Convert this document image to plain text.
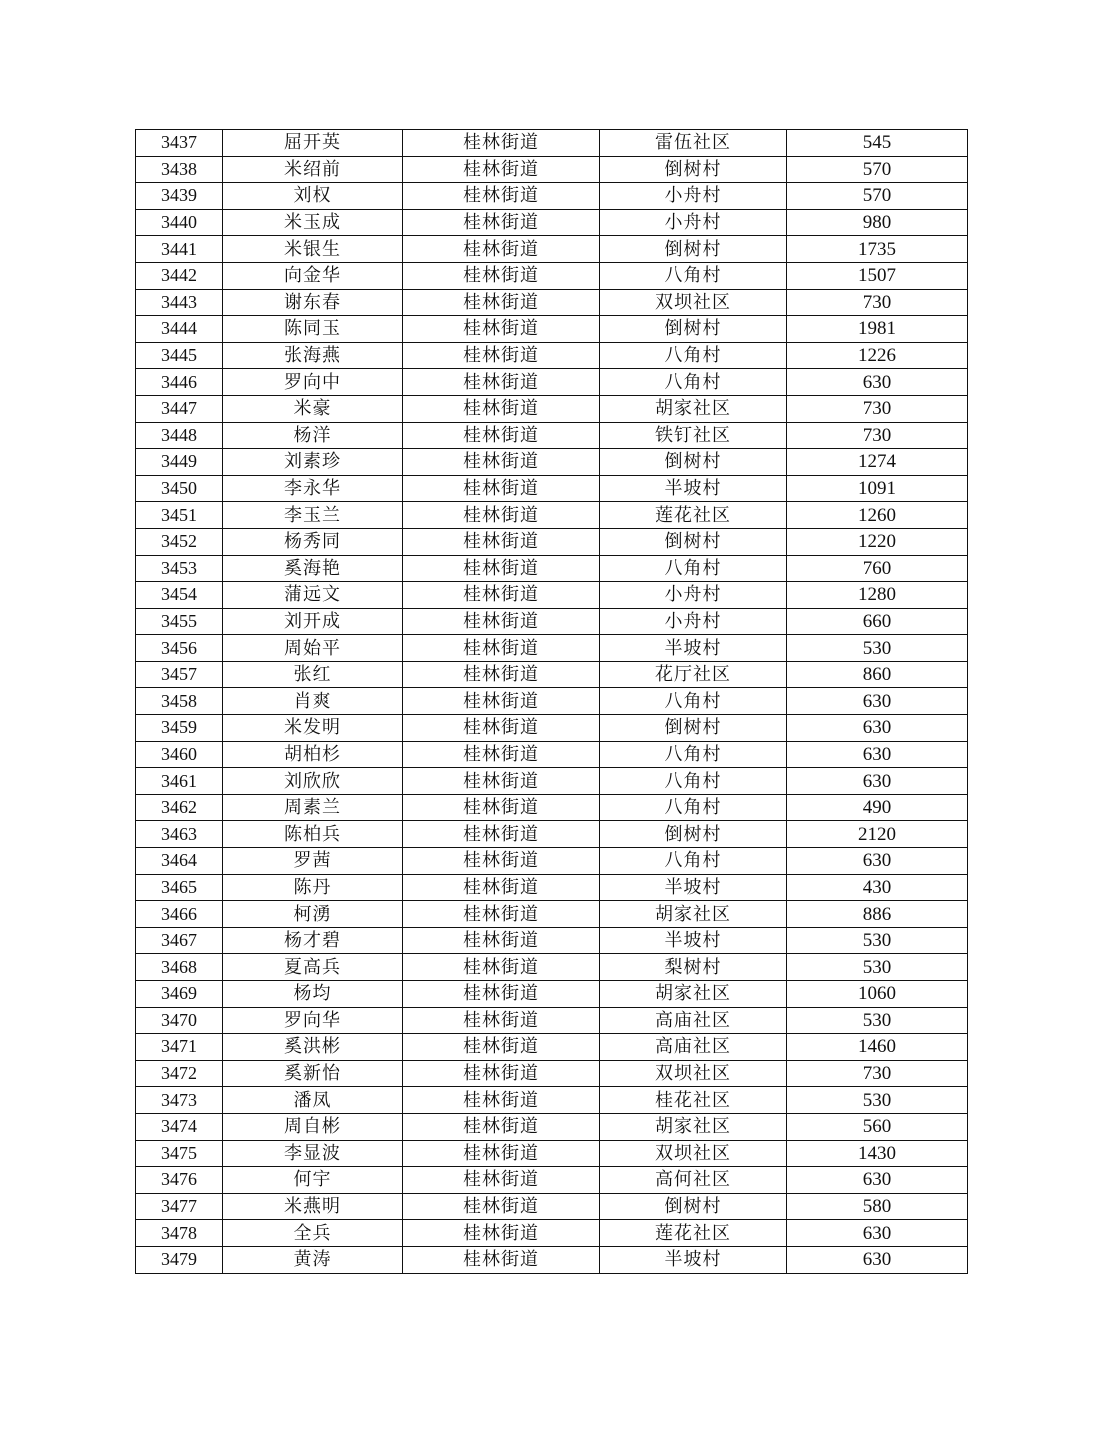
3437	屈开英	桂林街道	雷伍社区	545
3438	米绍前	桂林街道	倒树村	570
3439	刘权	桂林街道	小舟村	570
3440	米玉成	桂林街道	小舟村	980
3441	米银生	桂林街道	倒树村	1735
3442	向金华	桂林街道	八角村	1507
3443	谢东春	桂林街道	双坝社区	730
3444	陈同玉	桂林街道	倒树村	1981
3445	张海燕	桂林街道	八角村	1226
3446	罗向中	桂林街道	八角村	630
3447	米豪	桂林街道	胡家社区	730
3448	杨洋	桂林街道	铁钉社区	730
3449	刘素珍	桂林街道	倒树村	1274
3450	李永华	桂林街道	半坡村	1091
3451	李玉兰	桂林街道	莲花社区	1260
3452	杨秀同	桂林街道	倒树村	1220
3453	奚海艳	桂林街道	八角村	760
3454	蒲远文	桂林街道	小舟村	1280
3455	刘开成	桂林街道	小舟村	660
3456	周始平	桂林街道	半坡村	530
3457	张红	桂林街道	花厅社区	860
3458	肖爽	桂林街道	八角村	630
3459	米发明	桂林街道	倒树村	630
3460	胡柏杉	桂林街道	八角村	630
3461	刘欣欣	桂林街道	八角村	630
3462	周素兰	桂林街道	八角村	490
3463	陈柏兵	桂林街道	倒树村	2120
3464	罗茜	桂林街道	八角村	630
3465	陈丹	桂林街道	半坡村	430
3466	柯湧	桂林街道	胡家社区	886
3467	杨才碧	桂林街道	半坡村	530
3468	夏高兵	桂林街道	梨树村	530
3469	杨均	桂林街道	胡家社区	1060
3470	罗向华	桂林街道	高庙社区	530
3471	奚洪彬	桂林街道	高庙社区	1460
3472	奚新怡	桂林街道	双坝社区	730
3473	潘凤	桂林街道	桂花社区	530
3474	周自彬	桂林街道	胡家社区	560
3475	李显波	桂林街道	双坝社区	1430
3476	何宇	桂林街道	高何社区	630
3477	米燕明	桂林街道	倒树村	580
3478	全兵	桂林街道	莲花社区	630
3479	黄涛	桂林街道	半坡村	630
